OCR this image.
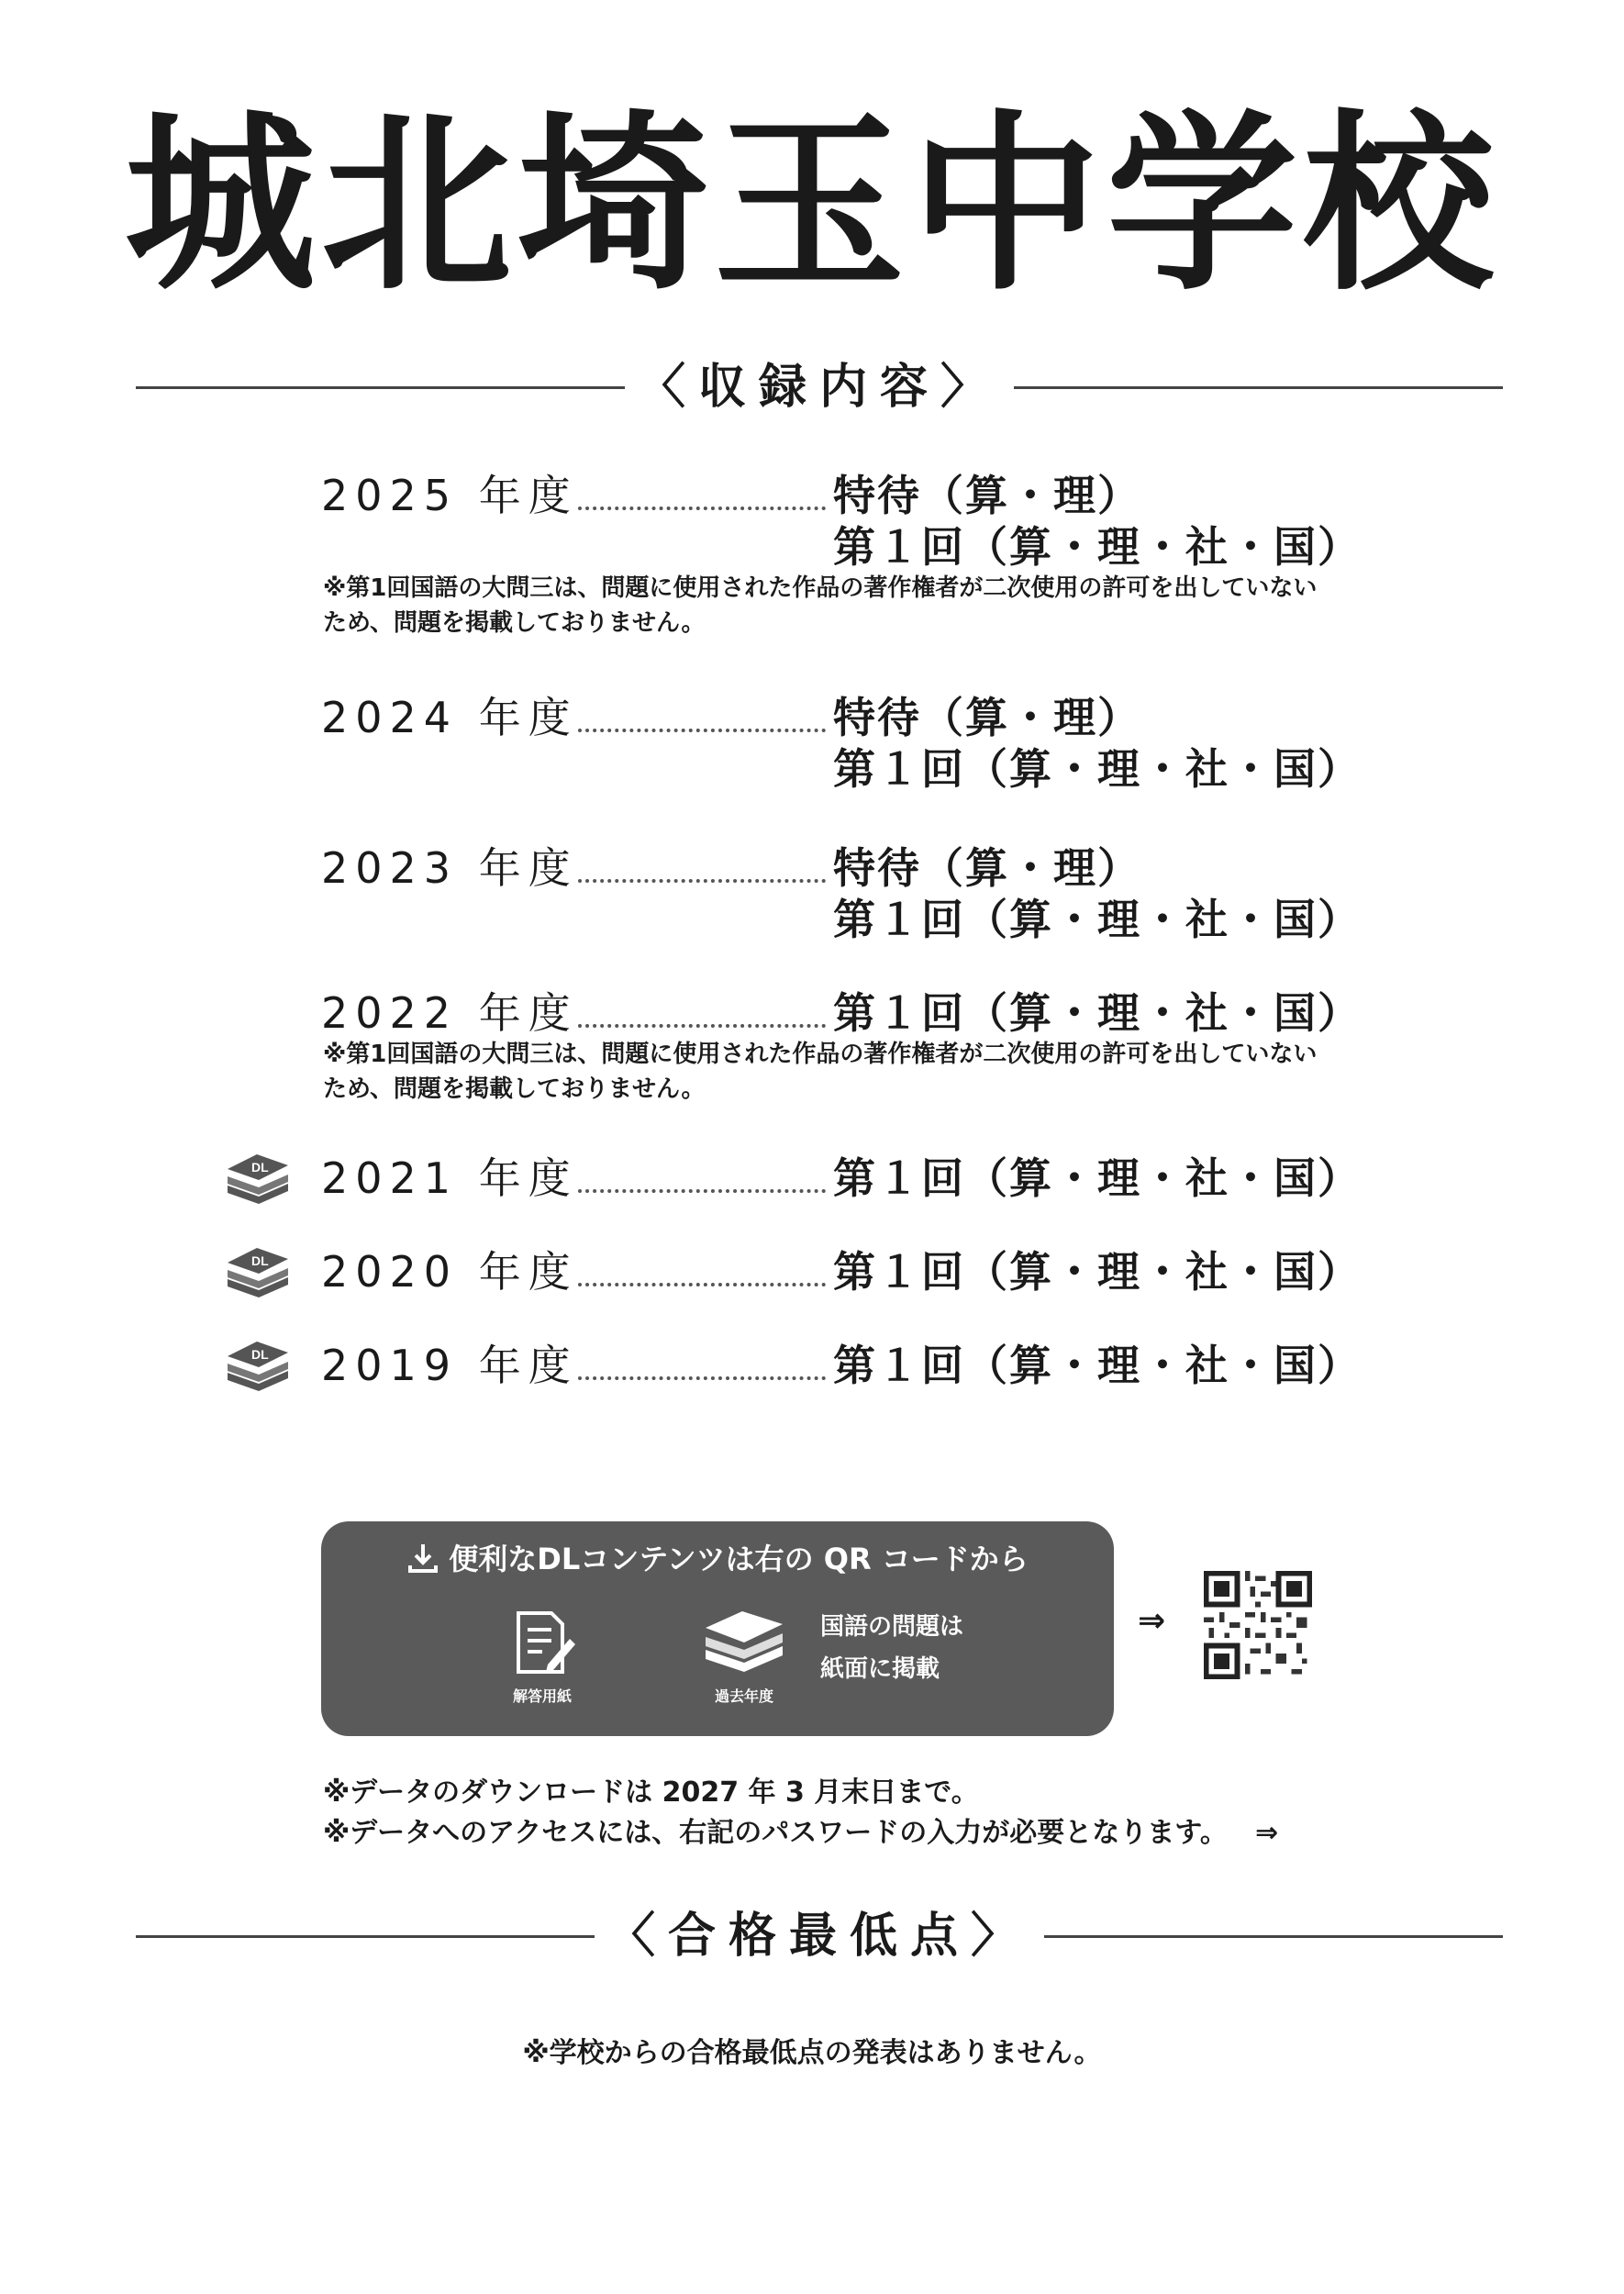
城北埼玉中学校
〈収録内容〉
2025 年度	特待（算・理）
第１回（算・理・社・国）
※第1回国語の大問三は、問題に使用された作品の著作権者が二次使用の許可を出していないため、問題を掲載しておりません。
2024 年度	特待（算・理）
第１回（算・理・社・国）
2023 年度	特待（算・理）
第１回（算・理・社・国）
2022 年度	第１回（算・理・社・国）
※第1回国語の大問三は、問題に使用された作品の著作権者が二次使用の許可を出していないため、問題を掲載しておりません。
DL 2021 年度	第１回（算・理・社・国）
DL 2020 年度	第１回（算・理・社・国）
DL 2019 年度	第１回（算・理・社・国）
便利なDLコンテンツは右の QR コードから
解答用紙	過去年度
国語の問題は
紙面に掲載
⇒
※データのダウンロードは 2027 年 3 月末日まで。
※データへのアクセスには、右記のパスワードの入力が必要となります。 ⇒
〈合格最低点〉
※学校からの合格最低点の発表はありません。
